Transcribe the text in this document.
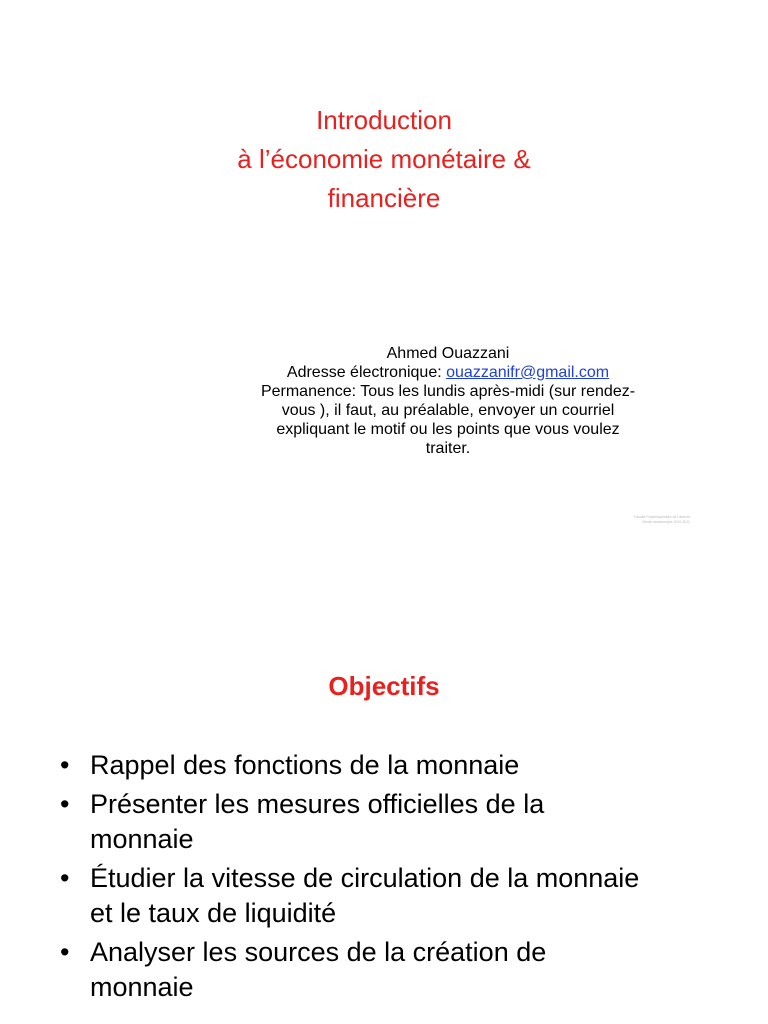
Introduction
à l’économie monétaire &
financière
Ahmed Ouazzani
Adresse électronique: ouazzanifr@gmail.com
Permanence: Tous les lundis après-midi (sur rendez-
vous ), il faut, au préalable, envoyer un courriel
expliquant le motif ou les points que vous voulez
traiter.
Faculté Polydisciplinaire de Larache
Année académique 2010-2011
Objectifs
• Rappel des fonctions de la monnaie
• Présenter les mesures officielles de la
monnaie
• Étudier la vitesse de circulation de la monnaie
et le taux de liquidité
• Analyser les sources de la création de
monnaie
